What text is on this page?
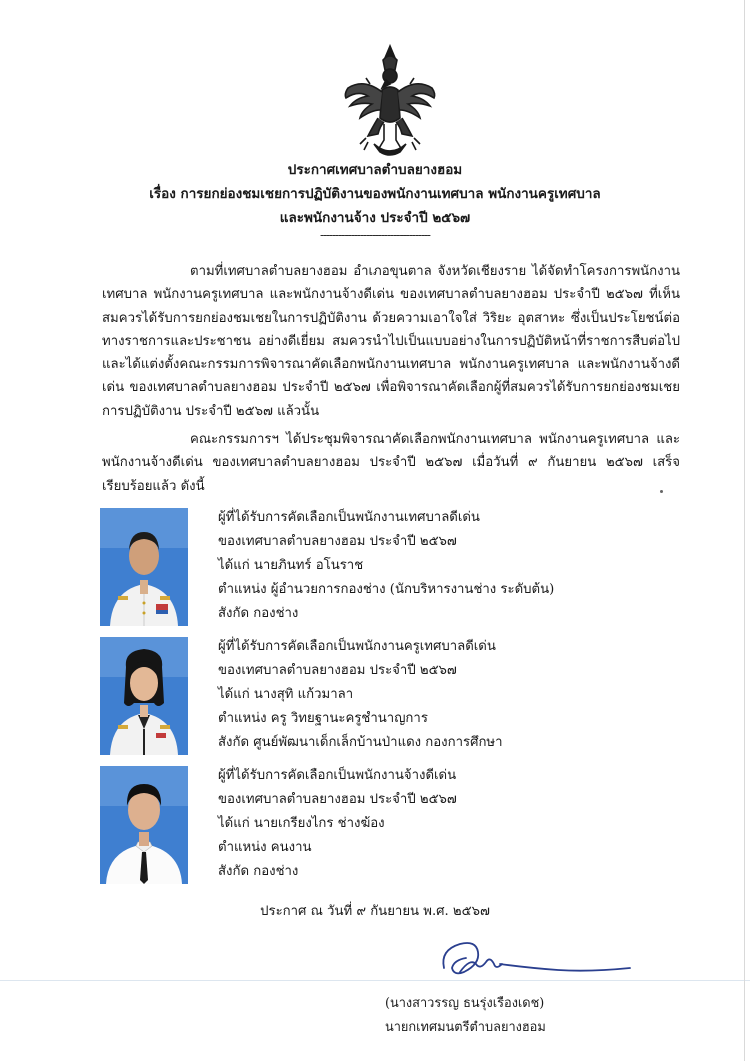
ประกาศเทศบาลตำบลยางฮอม
เรื่อง การยกย่องชมเชยการปฏิบัติงานของพนักงานเทศบาล พนักงานครูเทศบาล
และพนักงานจ้าง ประจำปี ๒๕๖๗
------------------------------------
ตามที่เทศบาลตำบลยางฮอม อำเภอขุนตาล จังหวัดเชียงราย ได้จัดทำโครงการพนักงานเทศบาล พนักงานครูเทศบาล และพนักงานจ้างดีเด่น ของเทศบาลตำบลยางฮอม ประจำปี ๒๕๖๗ ที่เห็นสมควรได้รับการยกย่องชมเชยในการปฏิบัติงาน ด้วยความเอาใจใส่ วิริยะ อุตสาหะ ซึ่งเป็นประโยชน์ต่อทางราชการและประชาชน อย่างดีเยี่ยม สมควรนำไปเป็นแบบอย่างในการปฏิบัติหน้าที่ราชการสืบต่อไป และได้แต่งตั้งคณะกรรมการพิจารณาคัดเลือกพนักงานเทศบาล พนักงานครูเทศบาล และพนักงานจ้างดีเด่น ของเทศบาลตำบลยางฮอม ประจำปี ๒๕๖๗ เพื่อพิจารณาคัดเลือกผู้ที่สมควรได้รับการยกย่องชมเชยการปฏิบัติงาน ประจำปี ๒๕๖๗ แล้วนั้น
คณะกรรมการฯ ได้ประชุมพิจารณาคัดเลือกพนักงานเทศบาล พนักงานครูเทศบาล และพนักงานจ้างดีเด่น ของเทศบาลตำบลยางฮอม ประจำปี ๒๕๖๗ เมื่อวันที่ ๙ กันยายน ๒๕๖๗ เสร็จเรียบร้อยแล้ว ดังนี้
ผู้ที่ได้รับการคัดเลือกเป็นพนักงานเทศบาลดีเด่น
ของเทศบาลตำบลยางฮอม ประจำปี ๒๕๖๗
ได้แก่ นายภินทร์ อโนราช
ตำแหน่ง ผู้อำนวยการกองช่าง (นักบริหารงานช่าง ระดับต้น)
สังกัด กองช่าง
ผู้ที่ได้รับการคัดเลือกเป็นพนักงานครูเทศบาลดีเด่น
ของเทศบาลตำบลยางฮอม ประจำปี ๒๕๖๗
ได้แก่ นางสุทิ แก้วมาลา
ตำแหน่ง ครู วิทยฐานะครูชำนาญการ
สังกัด ศูนย์พัฒนาเด็กเล็กบ้านป่าแดง กองการศึกษา
ผู้ที่ได้รับการคัดเลือกเป็นพนักงานจ้างดีเด่น
ของเทศบาลตำบลยางฮอม ประจำปี ๒๕๖๗
ได้แก่ นายเกรียงไกร ช่างฆ้อง
ตำแหน่ง คนงาน
สังกัด กองช่าง
ประกาศ ณ วันที่ ๙ กันยายน พ.ศ. ๒๕๖๗
(นางสาวรรญ ธนรุ่งเรืองเดช)
นายกเทศมนตรีตำบลยางฮอม
